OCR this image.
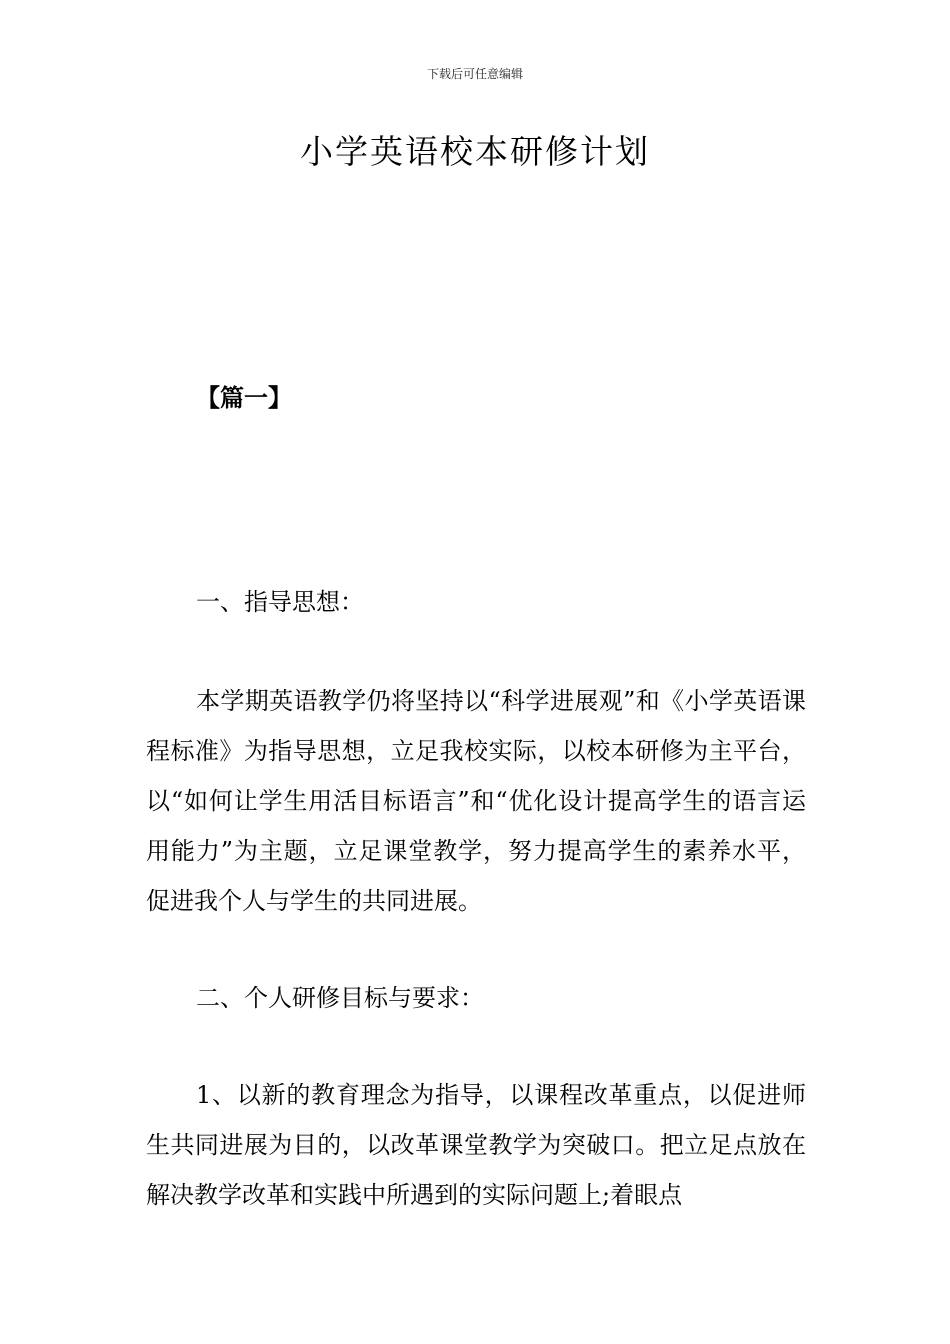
下载后可任意编辑
小学英语校本研修计划
【篇一】
一、指导思想：

本学期英语教学仍将坚持以“科学进展观”和《小学英语课程标准》为指导思想，立足我校实际，以校本研修为主平台，以“如何让学生用活目标语言”和“优化设计提高学生的语言运用能力”为主题，立足课堂教学，努力提高学生的素养水平，促进我个人与学生的共同进展。

二、个人研修目标与要求：

1、以新的教育理念为指导，以课程改革重点，以促进师生共同进展为目的，以改革课堂教学为突破口。把立足点放在解决教学改革和实践中所遇到的实际问题上;着眼点
